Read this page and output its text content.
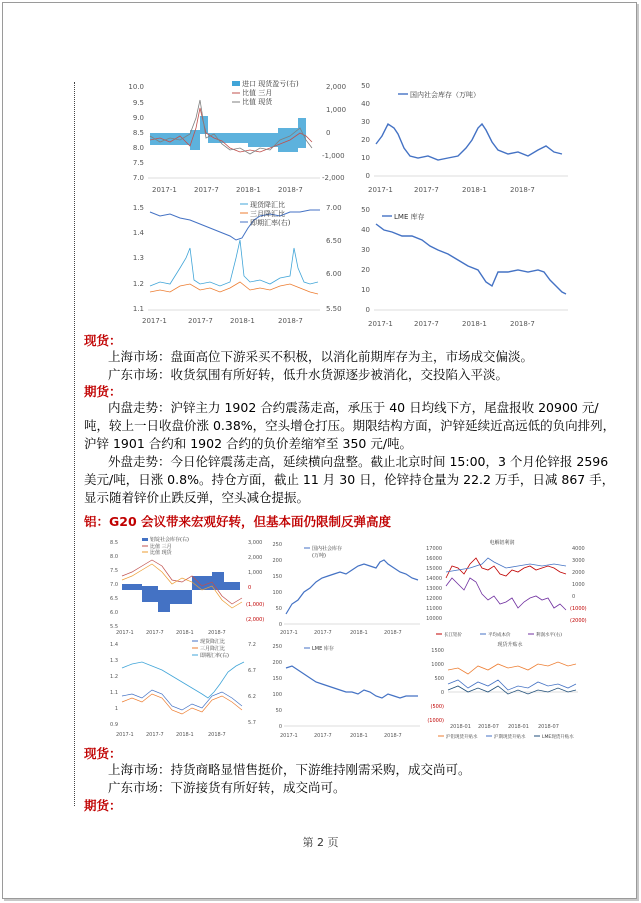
10.0
9.5
9.0
8.5
8.0
7.5
7.0
2,000
1,000
0
-1,000
-2,000
2017-1 2017-7 2018-1 2018-7
进口 现货盈亏(右)
比值 三月
比值 现货
50
40
30
20
10
0
2017-1	2017-7	2018-1	2018-7
国内社会库存（万吨）
1.5
1.4
1.3
1.2
1.1
7.00
6.50
6.00
5.50
2017-1	2017-7 2018-1	2018-7
现货降汇比
三月降汇比
即期汇率(右)
50
40
30
20
10
0
2017-1	2017-7	2018-1	2018-7
LME 库存
现货：
上海市场：盘面高位下游采买不积极，以消化前期库存为主，市场成交偏淡。
广东市场：收货氛围有所好转，低升水货源逐步被消化，交投陷入平淡。
期货：
内盘走势：沪锌主力 1902 合约震荡走高，承压于 40 日均线下方，尾盘报收 20900 元/吨，较上一日收盘价涨 0.38%，空头增仓打压。期限结构方面，沪锌延续近高远低的负向排列，沪锌 1901 合约和 1902 合约的负价差缩窄至 350 元/吨。
外盘走势：今日伦锌震荡走高，延续横向盘整。截止北京时间 15:00，3 个月伦锌报 2596 美元/吨，日涨 0.8%。持仓方面，截止 11 月 30 日，伦锌持仓量为 22.2 万手，日减 867 手，显示随着锌价止跌反弹，空头减仓提振。
铝：G20 会议带来宏观好转，但基本面仍限制反弹高度
8.5
8.0
7.5
7.0
6.5
6.0
5.5
3,000
2,000
1,000
0
(1,000)
(2,000)
2017-1 2017-7 2018-1	2018-7
铝锭社会库存(右)
比值 三月
比值 现货
250
200
150
100
50
0
2017-1	2017-7	2018-1	2018-7
国内社会库存
(万吨)
电解铝利润
17000
16000
15000
14000
13000
12000
11000
10000
4000
3000
2000
1000
0
(1000)
(2000)
长江铝价	平均成本价	利润水平(右)
1.4
1.3
1.2
1.1
1
0.9
7.2
6.7
6.2
5.7
2017-1 2017-7 2018-1	2018-7
现货降汇比
三月降汇比
即期汇率(右)
250
200
150
100
50
0
2017-1	2017-7	2018-1	2018-7
LME 库存
现货升贴水
1500
1000
500
0
(500)
(1000)
2018-01 2018-07 2018-01 2018-07
沪铝现货升贴水	沪期现货升贴水	LME现货升贴水
现货：
上海市场：持货商略显惜售挺价，下游维持刚需采购，成交尚可。
广东市场：下游接货有所好转，成交尚可。
期货：
第 2 页
